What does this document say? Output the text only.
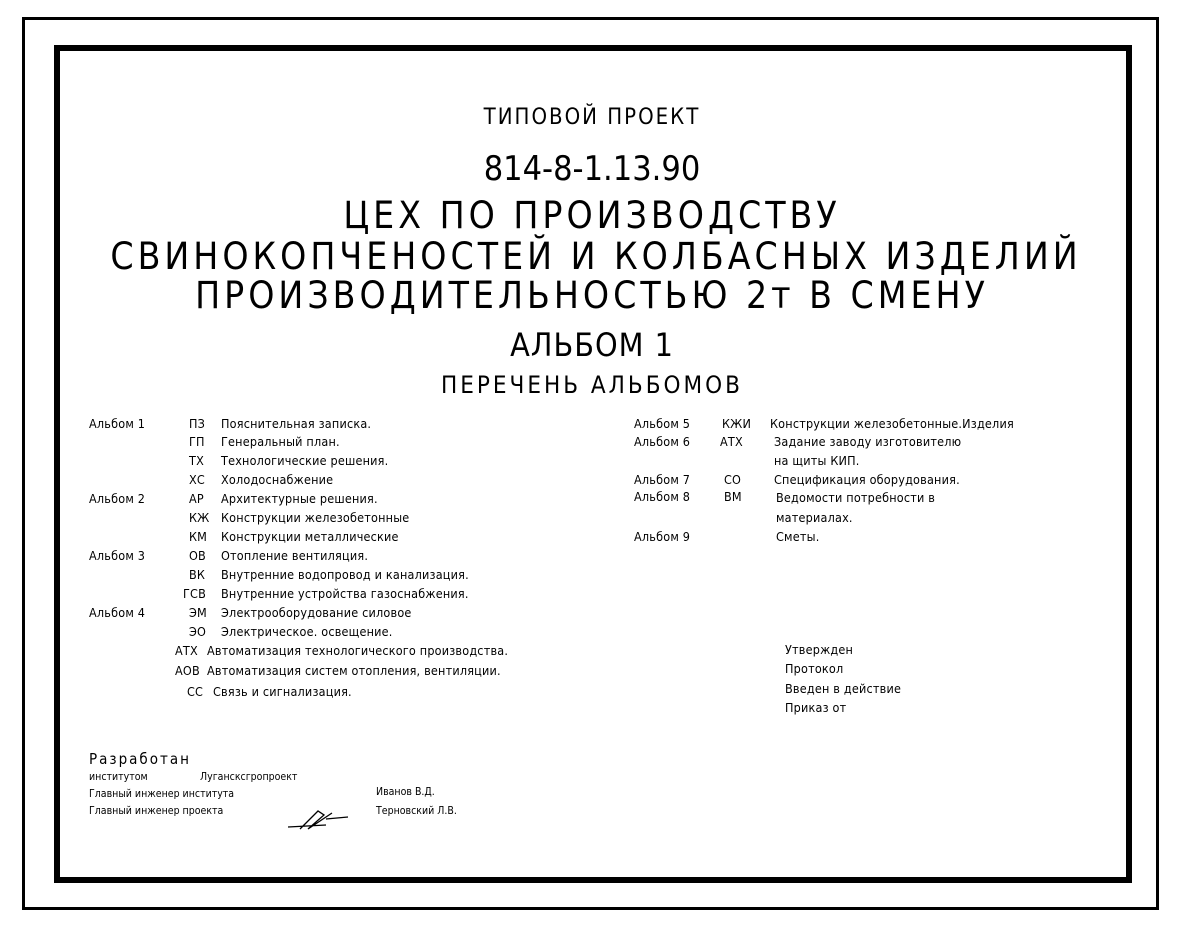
ТИПОВОЙ ПРОЕКТ
814-8-1.13.90
ЦЕХ ПО ПРОИЗВОДСТВУ
СВИНОКОПЧЕНОСТЕЙ И КОЛБАСНЫХ ИЗДЕЛИЙ
ПРОИЗВОДИТЕЛЬНОСТЬЮ 2т В СМЕНУ
АЛЬБОМ 1
ПЕРЕЧЕНЬ АЛЬБОМОВ
Альбом 1	ПЗ Пояснительная записка.
ГП Генеральный план.
ТХ Технологические решения.
ХС Холодоснабжение
Альбом 2	АР Архитектурные решения.
КЖ Конструкции железобетонные
КМ Конструкции металлические
Альбом 3	ОВ Отопление вентиляция.
ВК Внутренние водопровод и канализация.
ГСВ Внутренние устройства газоснабжения.
Альбом 4	ЭМ Электрооборудование силовое
ЭО Электрическое. освещение.
АТХ Автоматизация технологического производства.
АОВ Автоматизация систем отопления, вентиляции.
СС Связь и сигнализация.
Альбом 5	КЖИ Конструкции железобетонные.Изделия
Альбом 6 АТХ Задание заводу изготовителю
на щиты КИП.
Альбом 7	СО	Спецификация оборудования.
Альбом 8	ВМ	Ведомости потребности в
материалах.
Альбом 9	Сметы.
Утвержден
Протокол
Введен в действие
Приказ от
Разработан
институтом	Лугансксгропроект
Главный инженер института
Главный инженер проекта
Иванов В.Д.
Терновский Л.В.
